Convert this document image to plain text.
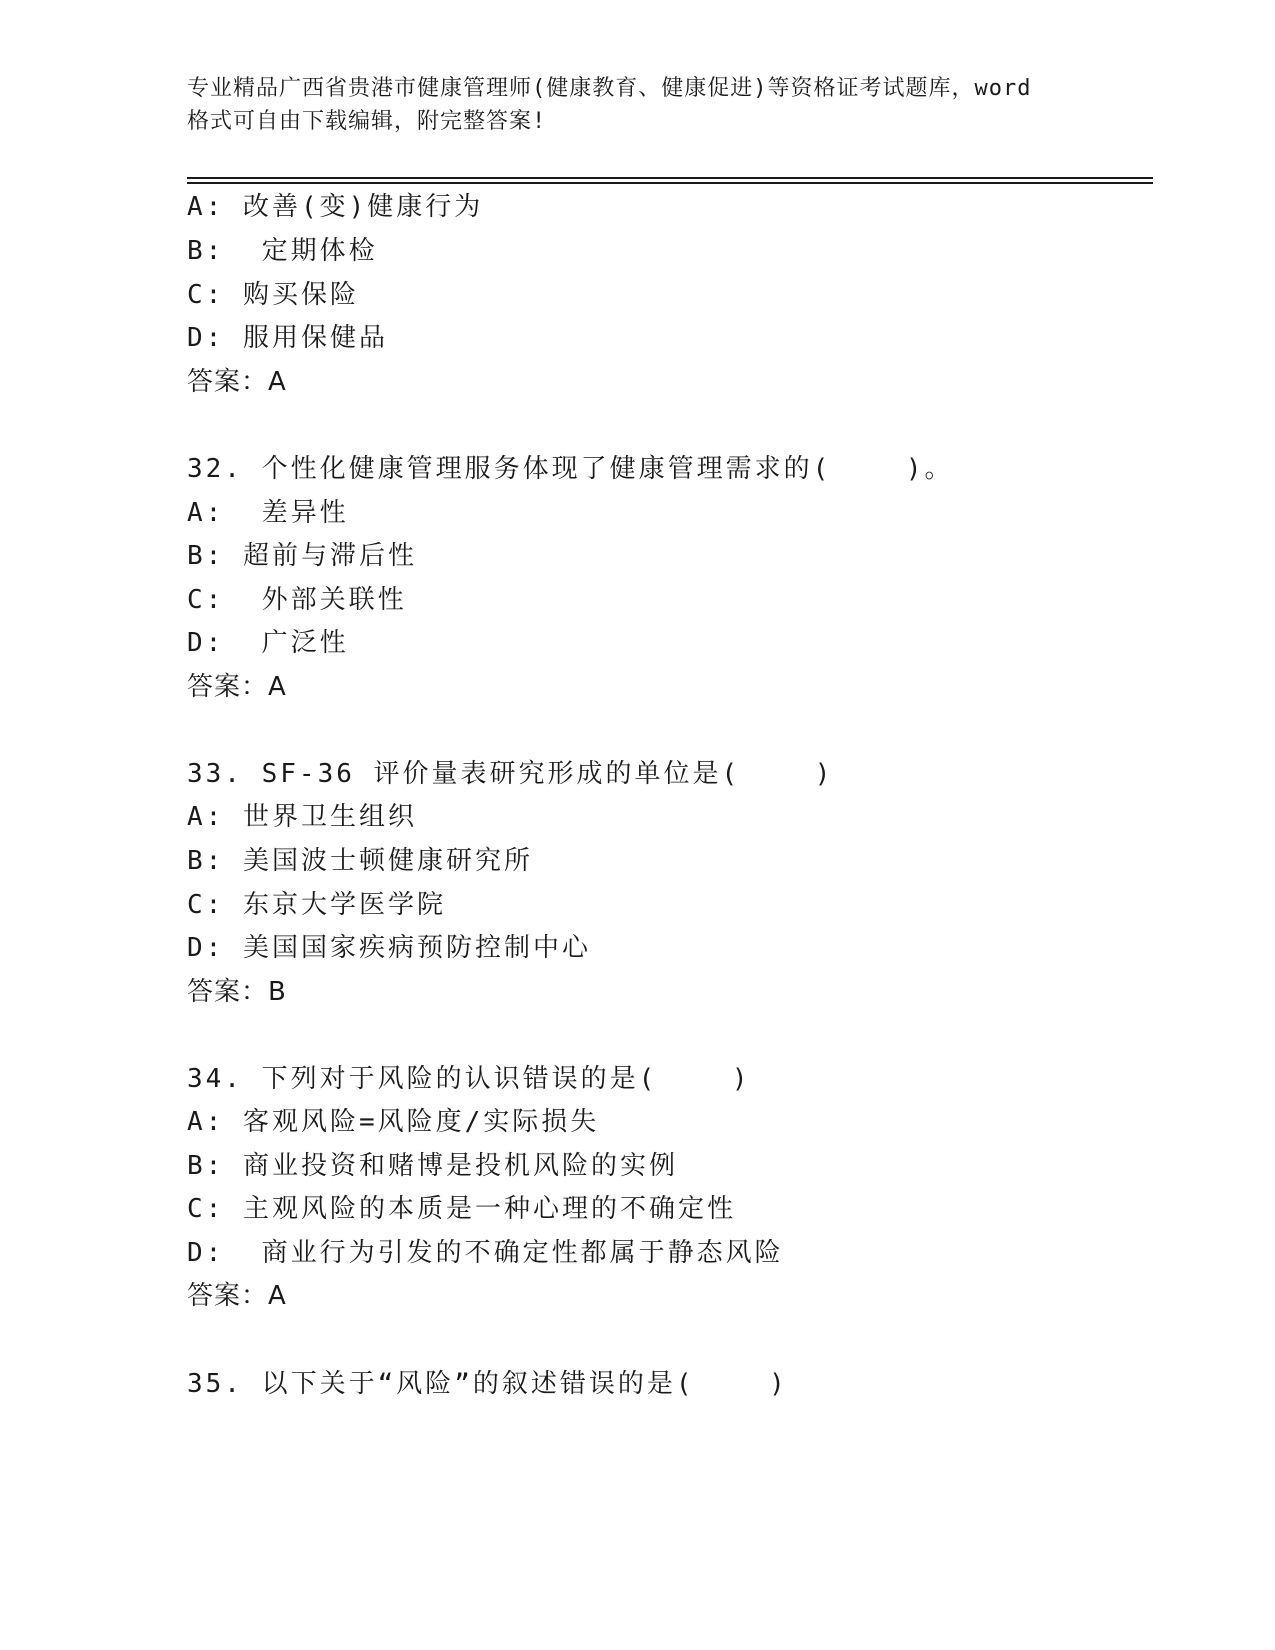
专业精品广西省贵港市健康管理师(健康教育、健康促进)等资格证考试题库，word
格式可自由下载编辑，附完整答案!
A: 改善(变)健康行为
B:  定期体检
C: 购买保险
D: 服用保健品
答案：A
32. 个性化健康管理服务体现了健康管理需求的(    )。
A:  差异性
B: 超前与滞后性
C:  外部关联性
D:  广泛性
答案：A
33. SF-36 评价量表研究形成的单位是(    )
A: 世界卫生组织
B: 美国波士顿健康研究所
C: 东京大学医学院
D: 美国国家疾病预防控制中心
答案：B
34. 下列对于风险的认识错误的是(    )
A: 客观风险=风险度/实际损失
B: 商业投资和赌博是投机风险的实例
C: 主观风险的本质是一种心理的不确定性
D:  商业行为引发的不确定性都属于静态风险
答案：A
35. 以下关于“风险”的叙述错误的是(    )
